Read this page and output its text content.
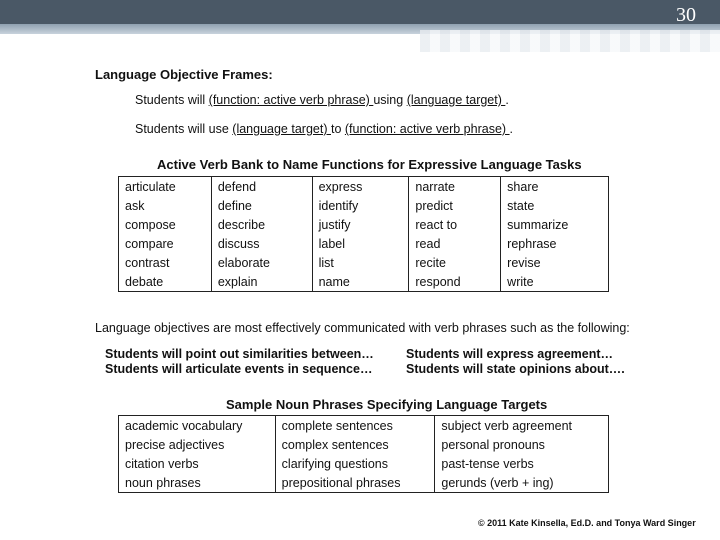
30
Language Objective Frames:
Students will (function: active verb phrase) using (language target) .
Students will use (language target) to (function: active verb phrase) .
Active Verb Bank to Name Functions for Expressive Language Tasks
articulate	defend	express	narrate	share
ask	define	identify	predict	state
compose	describe	justify	react to	summarize
compare	discuss	label	read	rephrase
contrast	elaborate	list	recite	revise
debate	explain	name	respond	write
Language objectives are most effectively communicated with verb phrases such as the following:
Students will point out similarities between…
Students will articulate events in sequence…
Students will express agreement…
Students will state opinions about….
Sample Noun Phrases Specifying Language Targets
academic vocabulary	complete sentences	subject verb agreement
precise adjectives	complex sentences	personal pronouns
citation verbs	clarifying questions	past-tense verbs
noun phrases	prepositional phrases	gerunds (verb + ing)
© 2011 Kate Kinsella, Ed.D. and Tonya Ward Singer
